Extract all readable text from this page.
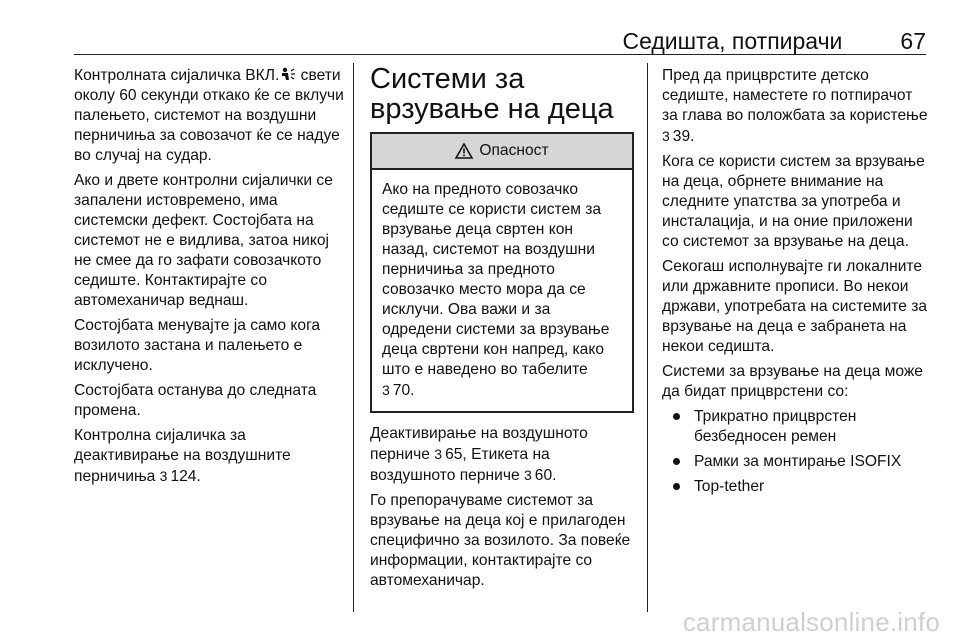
Седишта, потпирачи	67

Контролната сијаличка ВКЛ. свети околу 60 секунди откако ќе се вклучи палењето, системот на воздушни перничиња за совозачот ќе се надуе во случај на судар.

Ако и двете контролни сијалички се запалени истовремено, има системски дефект. Состојбата на системот не е видлива, затоа никој не смее да го зафати совозачкото седиште. Контактирајте со автомеханичар веднаш.

Состојбата менувајте ја само кога возилото застана и палењето е исклучено.

Состојбата останува до следната промена.

Контролна сијаличка за деактивирање на воздушните перничиња 3 124.

Системи за врзување на деца
Опасност

Ако на предното совозачко седиште се користи систем за врзување деца свртен кон назад, системот на воздушни перничиња за предното совозачко место мора да се исклучи. Ова важи и за одредени системи за врзување деца свртени кон напред, како што е наведено во табелите
3 70.

Деактивирање на воздушното перниче 3 65, Етикета на воздушното перниче 3 60.

Го препорачуваме системот за врзување на деца кој е прилагоден специфично за возилото. За повеќе информации, контактирајте со автомеханичар.

Пред да прицврстите детско седиште, наместете го потпирачот за глава во положбата за користење 3 39.

Кога се користи систем за врзување на деца, обрнете внимание на следните упатства за употреба и инсталација, и на оние приложени со системот за врзување на деца.

Секогаш исполнувајте ги локалните или државните прописи. Во некои држави, употребата на системите за врзување на деца е забранета на некои седишта.

Системи за врзување на деца може да бидат прицврстени со:

Трикратно прицврстен безбедносен ремен
Рамки за монтирање ISOFIX
Top-tether
carmanualsonline.info
